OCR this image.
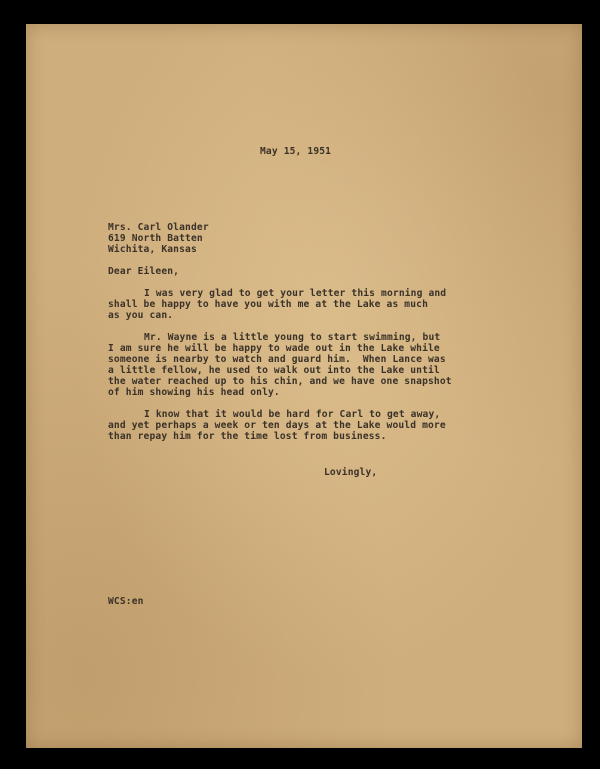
May 15, 1951
Mrs. Carl Olander
619 North Batten
Wichita, Kansas
Dear Eileen,
I was very glad to get your letter this morning and
shall be happy to have you with me at the Lake as much
as you can.
Mr. Wayne is a little young to start swimming, but
I am sure he will be happy to wade out in the Lake while
someone is nearby to watch and guard him.  When Lance was
a little fellow, he used to walk out into the Lake until
the water reached up to his chin, and we have one snapshot
of him showing his head only.
I know that it would be hard for Carl to get away,
and yet perhaps a week or ten days at the Lake would more
than repay him for the time lost from business.
Lovingly,
WCS:en
